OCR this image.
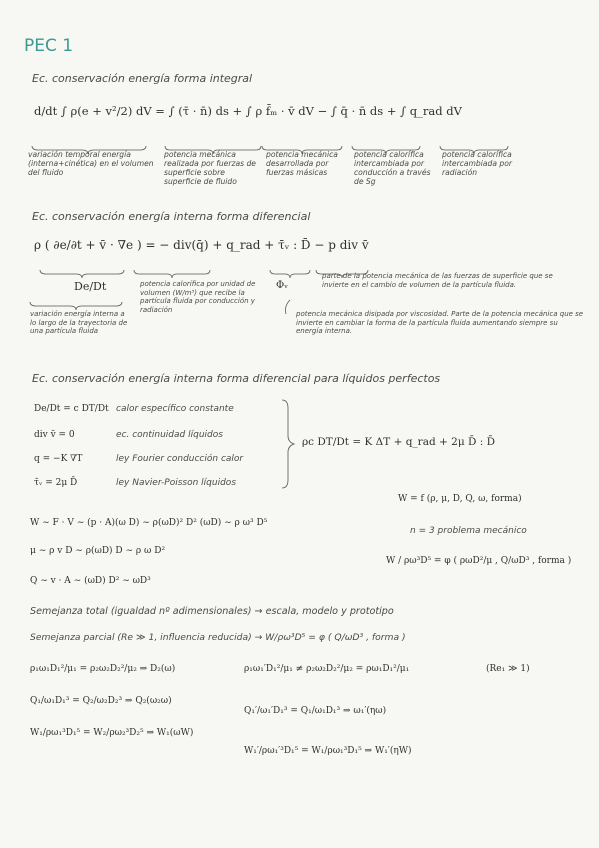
PEC 1
Ec. conservación energía forma integral
d/dt ∫ ρ(e + v²/2) dV = ∫ (τ̄ · n̄) ds + ∫ ρ f̄ₘ · v̄ dV − ∫ q̄ · n̄ ds + ∫ q_rad dV
variación temporal energía (interna+cinética) en el volumen del fluido
potencia mecánica realizada por fuerzas de superficie sobre superficie de fluido
potencia mecánica desarrollada por fuerzas másicas
potencia calorífica intercambiada por conducción a través de Sg
potencia calorífica intercambiada por radiación
Ec. conservación energía interna forma diferencial
ρ ( ∂e/∂t + v̄ · ∇e ) = − div(q̄) + q_rad + τ̄ᵥ : D̄ − p div v̄
De/Dt	Φᵥ
variación energía interna a lo largo de la trayectoria de una partícula fluida
potencia calorífica por unidad de volumen (W/m³) que recibe la partícula fluida por conducción y radiación
parte de la potencia mecánica de las fuerzas de superficie que se invierte en el cambio de volumen de la partícula fluida.
potencia mecánica disipada por viscosidad. Parte de la potencia mecánica que se invierte en cambiar la forma de la partícula fluida aumentando siempre su energía interna.
Ec. conservación energía interna forma diferencial para líquidos perfectos
De/Dt = c DT/Dt calor específico constante
div v̄ = 0	ec. continuidad líquidos
q = −K ∇T	ley Fourier conducción calor
τ̄ᵥ = 2μ D̄	ley Navier-Poisson líquidos
ρc DT/Dt = K ΔT + q_rad + 2μ D̄ : D̄
W = f (ρ, μ, D, Q, ω, forma)
W ∼ F · V ∼ (p · A)(ω D) ∼ ρ(ωD)² D² (ωD) ∼ ρ ω³ D⁵
n = 3 problema mecánico
μ ∼ ρ v D ∼ ρ(ωD) D ∼ ρ ω D²
W / ρω³D⁵ = φ ( ρωD²/μ , Q/ωD³ , forma )
Q ∼ v · A ∼ (ωD) D² ∼ ωD³
Semejanza total (igualdad nº adimensionales) → escala, modelo y prototipo
Semejanza parcial (Re ≫ 1, influencia reducida) → W/ρω³D⁵ = φ ( Q/ωD³ , forma )
ρ₁ω₁D₁²/μ₁ = ρ₂ω₂D₂²/μ₂ ⇒ D₂(ω)
Q₁/ω₁D₁³ = Q₂/ω₂D₂³ ⇒ Q₂(ω₂ω)
W₁/ρω₁³D₁⁵ = W₂/ρω₂³D₂⁵ ⇒ W₁(ωW)
ρ₁ω₁′D₁²/μ₁ ≠ ρ₂ω₂D₂²/μ₂ = ρω₁D₁²/μ₁	(Re₁ ≫ 1)
Q₁′/ω₁′D₁³ = Q₁/ω₁D₁³ ⇒ ω₁′(ηω)
W₁′/ρω₁′³D₁⁵ = W₁/ρω₁³D₁⁵ ⇒ W₁′(ηW)
